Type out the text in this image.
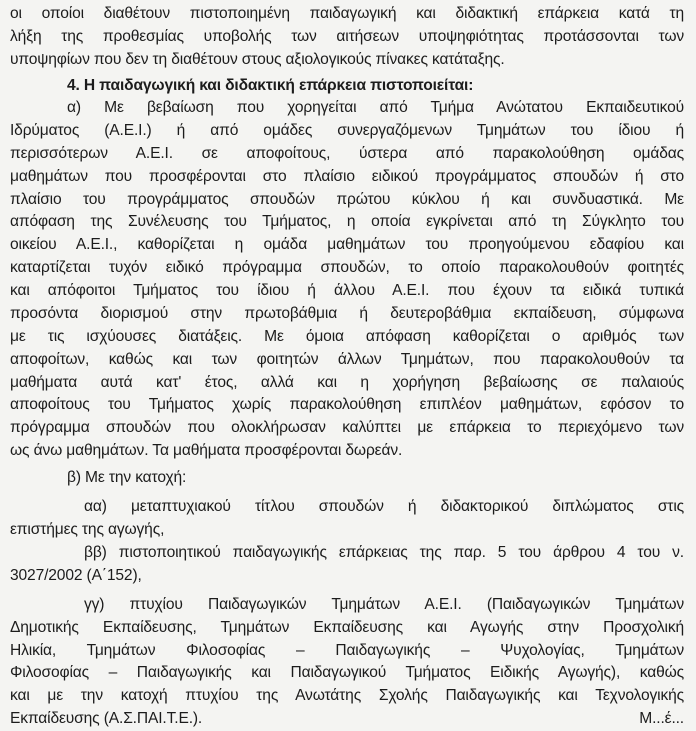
οι οποίοι διαθέτουν πιστοποιημένη παιδαγωγική και διδακτική επάρκεια κατά τη
λήξη της προθεσμίας υποβολής των αιτήσεων υποψηφιότητας προτάσσονται των
υποψηφίων που δεν τη διαθέτουν στους αξιολογικούς πίνακες κατάταξης.
4. Η παιδαγωγική και διδακτική επάρκεια πιστοποιείται:
α) Με βεβαίωση που χορηγείται από Τμήμα Ανώτατου Εκπαιδευτικού
Ιδρύματος (Α.Ε.Ι.) ή από ομάδες συνεργαζόμενων Τμημάτων του ίδιου ή
περισσότερων Α.Ε.Ι. σε αποφοίτους, ύστερα από παρακολούθηση ομάδας
μαθημάτων που προσφέρονται στο πλαίσιο ειδικού προγράμματος σπουδών ή στο
πλαίσιο του προγράμματος σπουδών πρώτου κύκλου ή και συνδυαστικά. Με
απόφαση της Συνέλευσης του Τμήματος, η οποία εγκρίνεται από τη Σύγκλητο του
οικείου Α.Ε.Ι., καθορίζεται η ομάδα μαθημάτων του προηγούμενου εδαφίου και
καταρτίζεται τυχόν ειδικό πρόγραμμα σπουδών, το οποίο παρακολουθούν φοιτητές
και απόφοιτοι Τμήματος του ίδιου ή άλλου Α.Ε.Ι. που έχουν τα ειδικά τυπικά
προσόντα διορισμού στην πρωτοβάθμια ή δευτεροβάθμια εκπαίδευση, σύμφωνα
με τις ισχύουσες διατάξεις. Με όμοια απόφαση καθορίζεται ο αριθμός των
αποφοίτων, καθώς και των φοιτητών άλλων Τμημάτων, που παρακολουθούν τα
μαθήματα αυτά κατ' έτος, αλλά και η χορήγηση βεβαίωσης σε παλαιούς
αποφοίτους του Τμήματος χωρίς παρακολούθηση επιπλέον μαθημάτων, εφόσον το
πρόγραμμα σπουδών που ολοκλήρωσαν καλύπτει με επάρκεια το περιεχόμενο των
ως άνω μαθημάτων. Τα μαθήματα προσφέρονται δωρεάν.
β) Με την κατοχή:
αα) μεταπτυχιακού τίτλου σπουδών ή διδακτορικού διπλώματος στις
επιστήμες της αγωγής,
ββ) πιστοποιητικού παιδαγωγικής επάρκειας της παρ. 5 του άρθρου 4 του ν.
3027/2002 (Α΄152),
γγ) πτυχίου Παιδαγωγικών Τμημάτων Α.Ε.Ι. (Παιδαγωγικών Τμημάτων
Δημοτικής Εκπαίδευσης, Τμημάτων Εκπαίδευσης και Αγωγής στην Προσχολική
Ηλικία, Τμημάτων Φιλοσοφίας – Παιδαγωγικής – Ψυχολογίας, Τμημάτων
Φιλοσοφίας – Παιδαγωγικής και Παιδαγωγικού Τμήματος Ειδικής Αγωγής), καθώς
και με την κατοχή πτυχίου της Ανωτάτης Σχολής Παιδαγωγικής και Τεχνολογικής
Εκπαίδευσης (Α.Σ.ΠΑΙ.Τ.Ε.).	Μ...έ...
